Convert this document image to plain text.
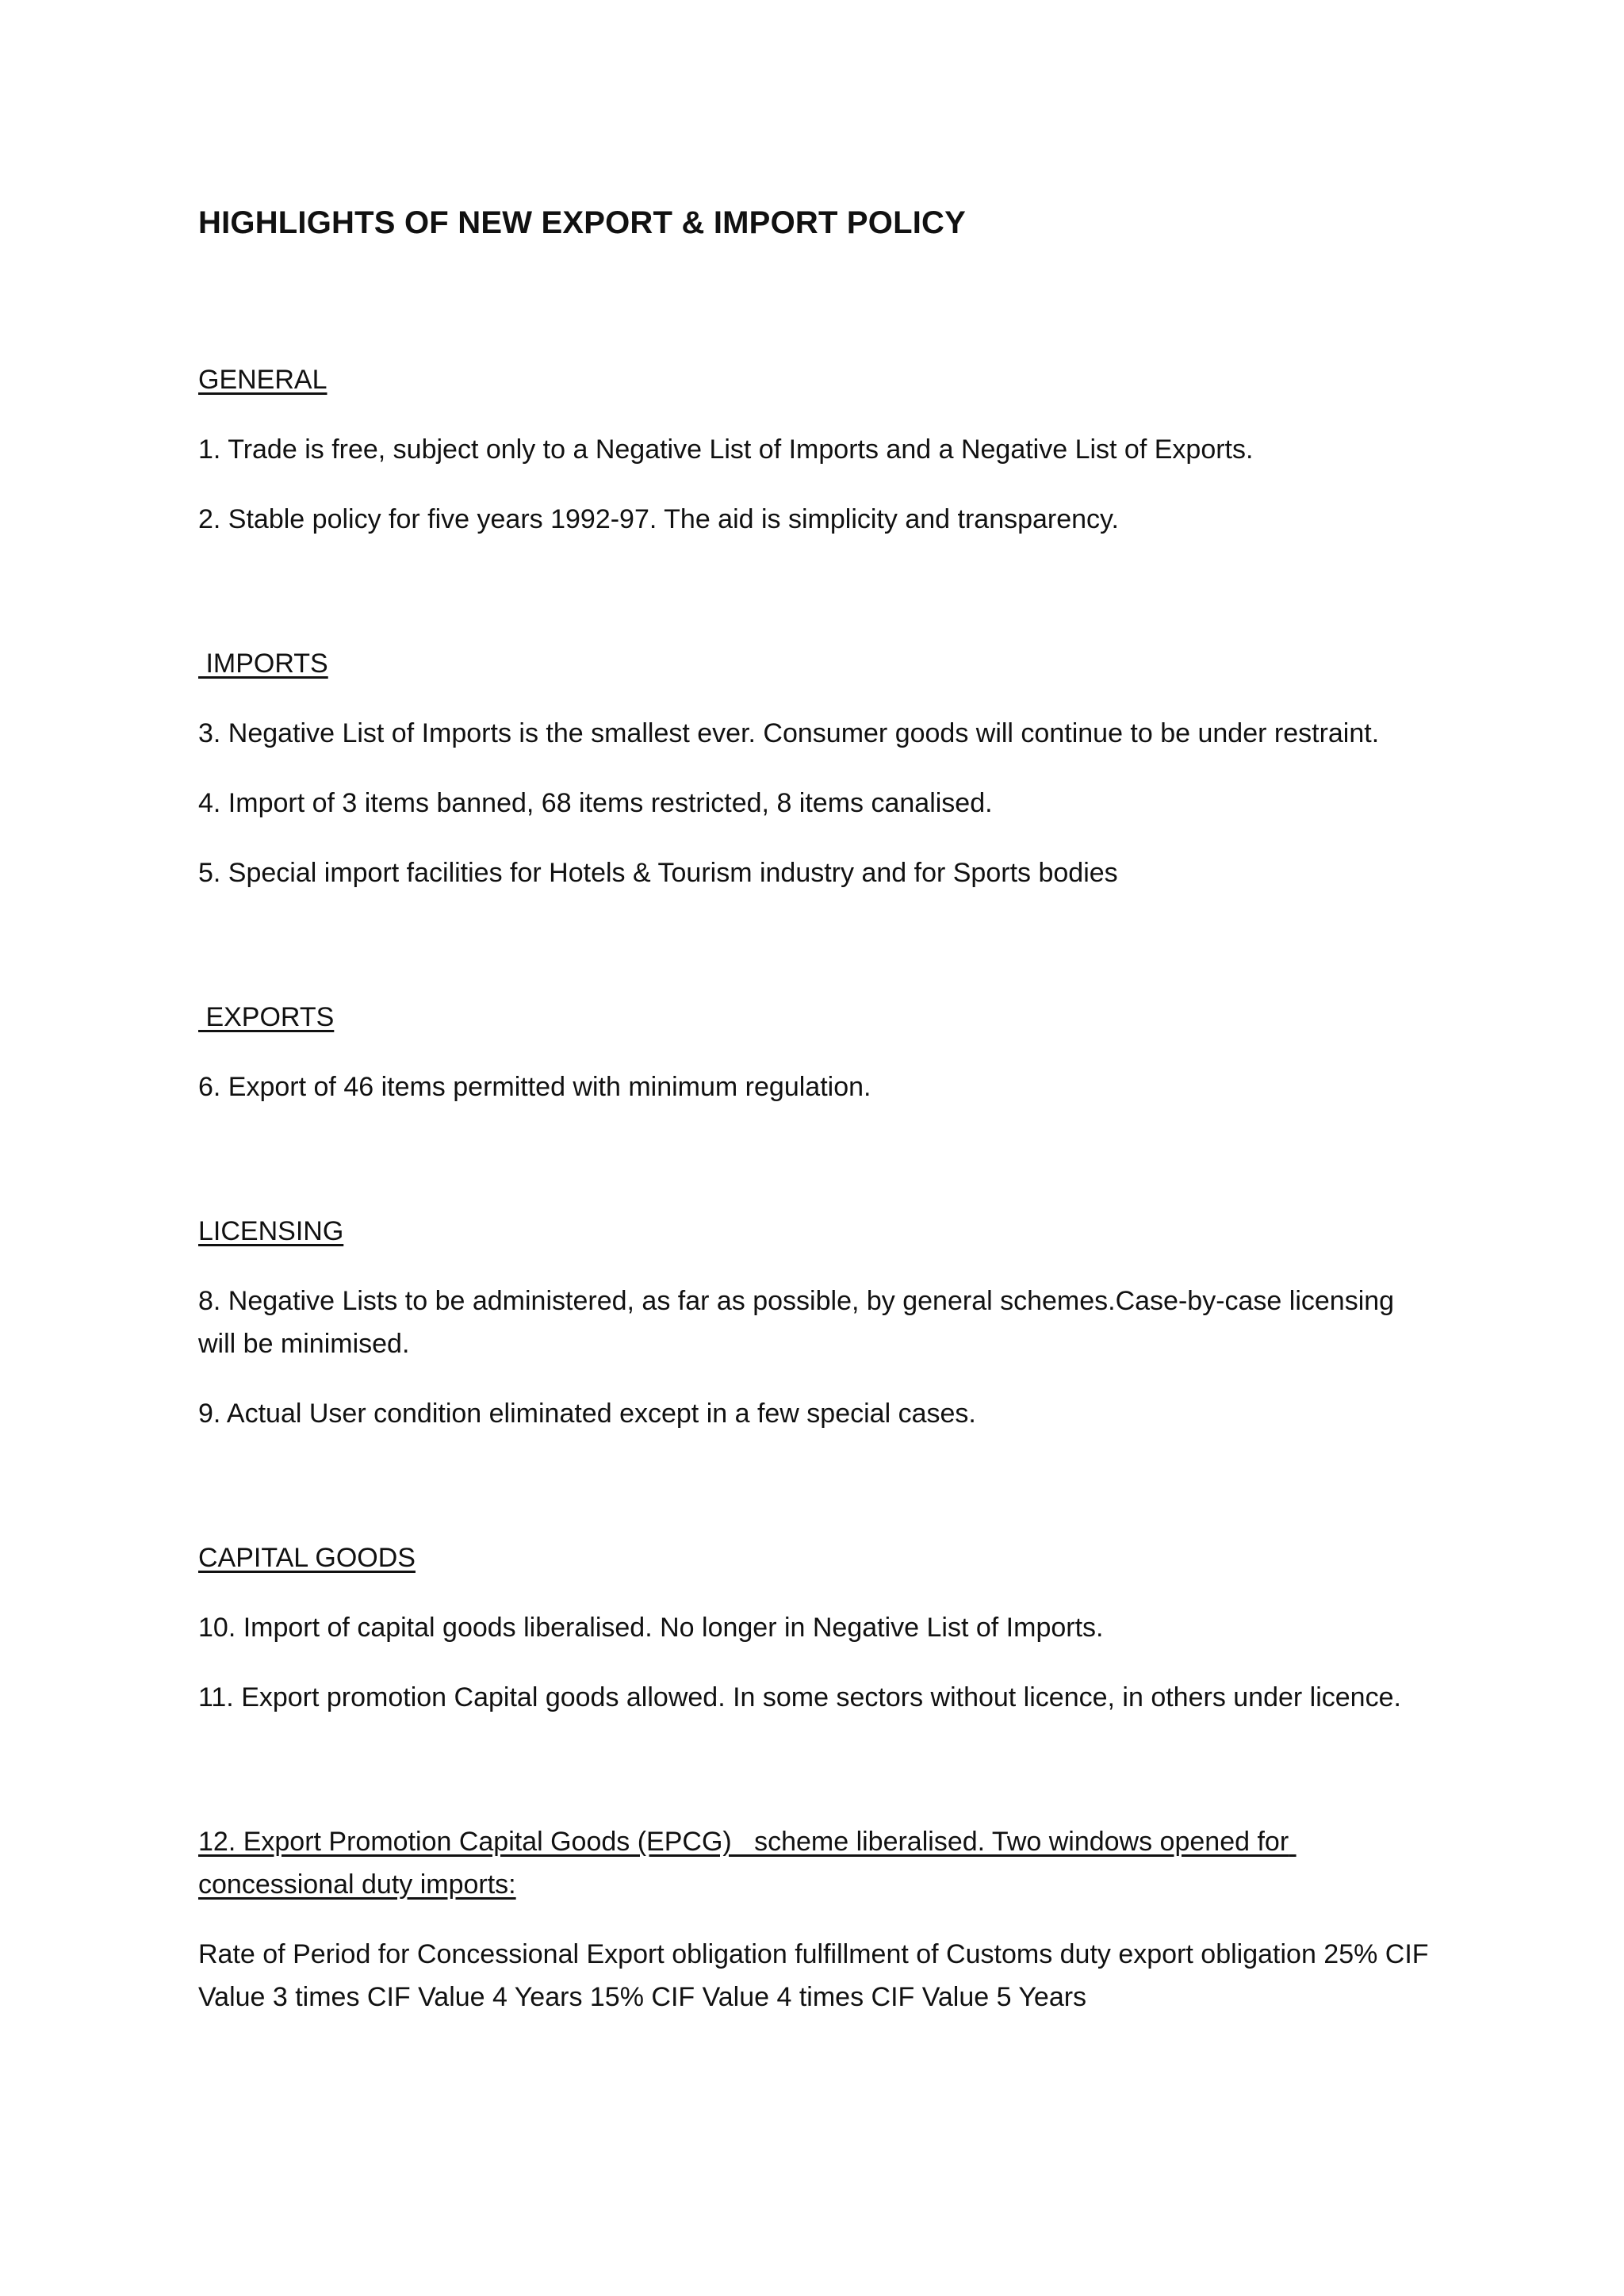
HIGHLIGHTS OF NEW EXPORT & IMPORT POLICY
GENERAL
1. Trade is free, subject only to a Negative List of Imports and a Negative List of Exports.
2. Stable policy for five years 1992-97. The aid is simplicity and transparency.
IMPORTS
3. Negative List of Imports is the smallest ever. Consumer goods will continue to be under restraint.
4. Import of 3 items banned, 68 items restricted, 8 items canalised.
5. Special import facilities for Hotels & Tourism industry and for Sports bodies
EXPORTS
6. Export of 46 items permitted with minimum regulation.
LICENSING
8. Negative Lists to be administered, as far as possible, by general schemes.Case-by-case licensing will be minimised.
9. Actual User condition eliminated except in a few special cases.
CAPITAL GOODS
10. Import of capital goods liberalised. No longer in Negative List of Imports.
11. Export promotion Capital goods allowed. In some sectors without licence, in others under licence.
12. Export Promotion Capital Goods (EPCG)   scheme liberalised. Two windows opened for concessional duty imports:
Rate of Period for Concessional Export obligation fulfillment of Customs duty export obligation 25% CIF Value 3 times CIF Value 4 Years 15% CIF Value 4 times CIF Value 5 Years
